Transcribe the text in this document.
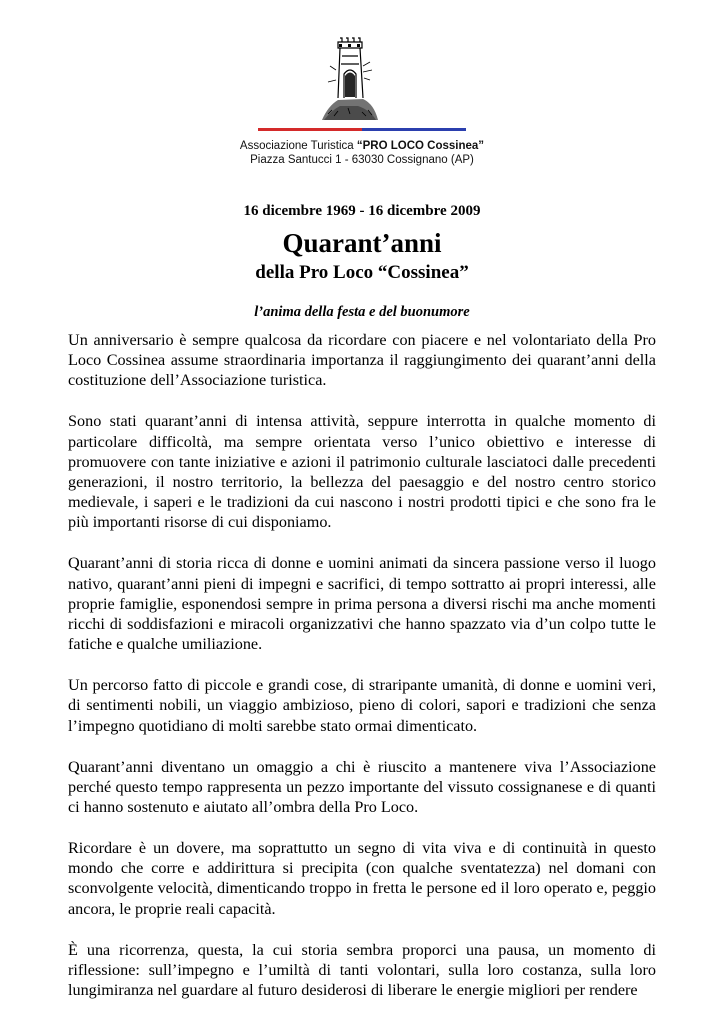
Associazione Turistica “PRO LOCO Cossinea”
Piazza Santucci 1 - 63030 Cossignano (AP)
16 dicembre 1969 - 16 dicembre 2009
Quarant’anni
della Pro Loco “Cossinea”
l’anima della festa e del buonumore

Un anniversario è sempre qualcosa da ricordare con piacere e nel volontariato della Pro Loco Cossinea assume straordinaria importanza il raggiungimento dei quarant’anni della costituzione dell’Associazione turistica.

Sono stati quarant’anni di intensa attività, seppure interrotta in qualche momento di particolare difficoltà, ma sempre orientata verso l’unico obiettivo e interesse di promuovere con tante iniziative e azioni il patrimonio culturale lasciatoci dalle precedenti generazioni, il nostro territorio, la bellezza del paesaggio e del nostro centro storico medievale, i saperi e le tradizioni da cui nascono i nostri prodotti tipici e che sono fra le più importanti risorse di cui disponiamo.

Quarant’anni di storia ricca di donne e uomini animati da sincera passione verso il luogo nativo, quarant’anni pieni di impegni e sacrifici, di tempo sottratto ai propri interessi, alle proprie famiglie, esponendosi sempre in prima persona a diversi rischi ma anche momenti ricchi di soddisfazioni e miracoli organizzativi che hanno spazzato via d’un colpo tutte le fatiche e qualche umiliazione.

Un percorso fatto di piccole e grandi cose, di straripante umanità, di donne e uomini veri, di sentimenti nobili, un viaggio ambizioso, pieno di colori, sapori e tradizioni che senza l’impegno quotidiano di molti sarebbe stato ormai dimenticato.

Quarant’anni diventano un omaggio a chi è riuscito a mantenere viva l’Associazione perché questo tempo rappresenta un pezzo importante del vissuto cossignanese e di quanti ci hanno sostenuto e aiutato all’ombra della Pro Loco.

Ricordare è un dovere, ma soprattutto un segno di vita viva e di continuità in questo mondo che corre e addirittura si precipita (con qualche sventatezza) nel domani con sconvolgente velocità, dimenticando troppo in fretta le persone ed il loro operato e, peggio ancora, le proprie reali capacità.

È una ricorrenza, questa, la cui storia sembra proporci una pausa, un momento di riflessione: sull’impegno e l’umiltà di tanti volontari, sulla loro costanza, sulla loro lungimiranza nel guardare al futuro desiderosi di liberare le energie migliori per rendere
